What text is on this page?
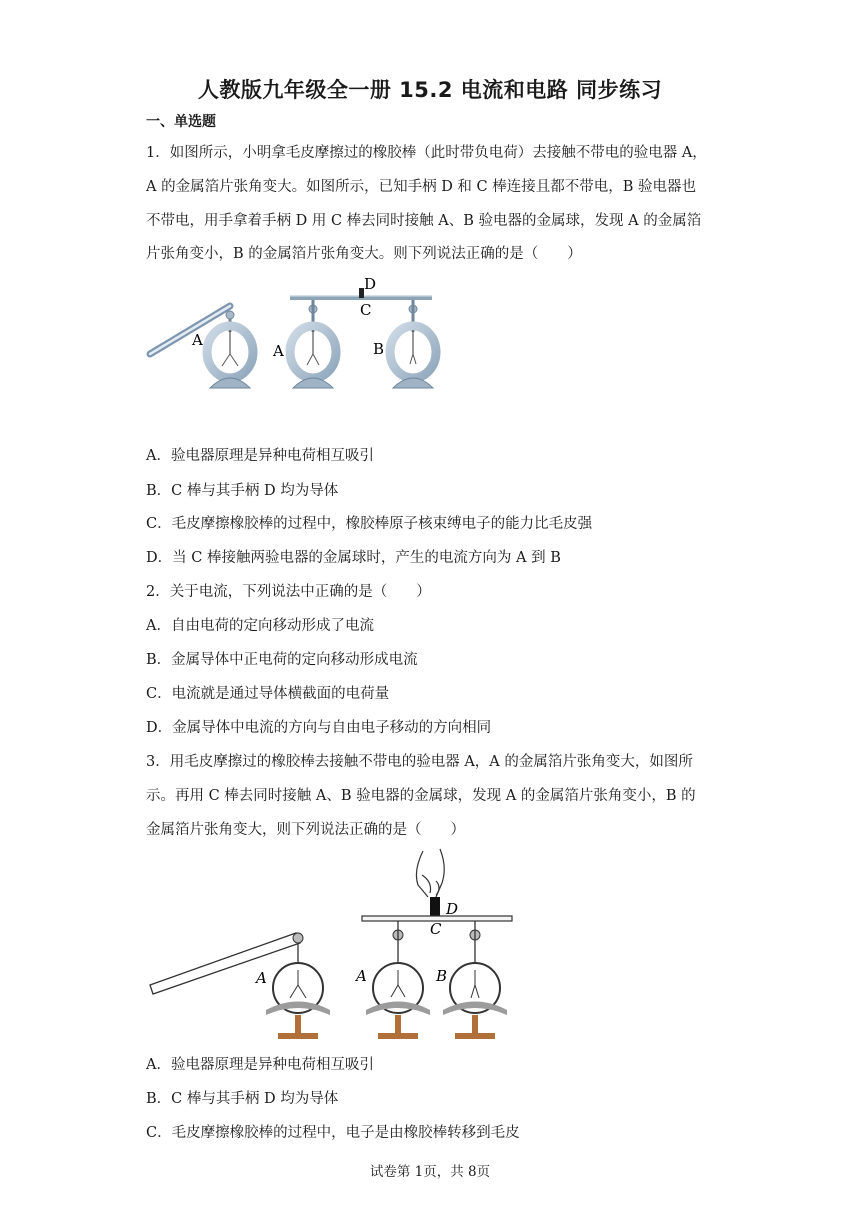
人教版九年级全一册 15.2 电流和电路 同步练习
一、单选题
1．如图所示，小明拿毛皮摩擦过的橡胶棒（此时带负电荷）去接触不带电的验电器 A，
A 的金属箔片张角变大。如图所示，已知手柄 D 和 C 棒连接且都不带电，B 验电器也
不带电，用手拿着手柄 D 用 C 棒去同时接触 A、B 验电器的金属球，发现 A 的金属箔
片张角变小，B 的金属箔片张角变大。则下列说法正确的是（　　）
A
A	B
C
D
A．验电器原理是异种电荷相互吸引
B．C 棒与其手柄 D 均为导体
C．毛皮摩擦橡胶棒的过程中，橡胶棒原子核束缚电子的能力比毛皮强
D．当 C 棒接触两验电器的金属球时，产生的电流方向为 A 到 B
2．关于电流，下列说法中正确的是（　　）
A．自由电荷的定向移动形成了电流
B．金属导体中正电荷的定向移动形成电流
C．电流就是通过导体横截面的电荷量
D．金属导体中电流的方向与自由电子移动的方向相同
3．用毛皮摩擦过的橡胶棒去接触不带电的验电器 A，A 的金属箔片张角变大，如图所
示。再用 C 棒去同时接触 A、B 验电器的金属球，发现 A 的金属箔片张角变小，B 的
金属箔片张角变大，则下列说法正确的是（　　）
A	A	B
C
D
A．验电器原理是异种电荷相互吸引
B．C 棒与其手柄 D 均为导体
C．毛皮摩擦橡胶棒的过程中，电子是由橡胶棒转移到毛皮
试卷第 1页，共 8页
